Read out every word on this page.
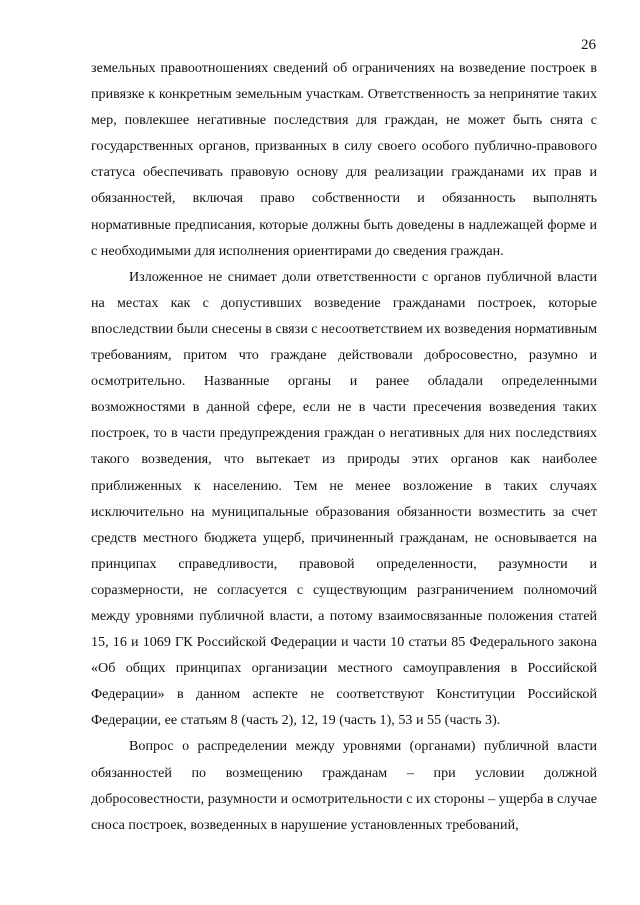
26

земельных правоотношениях сведений об ограничениях на возведение построек в привязке к конкретным земельным участкам. Ответственность за непринятие таких мер, повлекшее негативные последствия для граждан, не может быть снята с государственных органов, призванных в силу своего особого публично-правового статуса обеспечивать правовую основу для реализации гражданами их прав и обязанностей, включая право собственности и обязанность выполнять нормативные предписания, которые должны быть доведены в надлежащей форме и с необходимыми для исполнения ориентирами до сведения граждан.

Изложенное не снимает доли ответственности с органов публичной власти на местах как с допустивших возведение гражданами построек, которые впоследствии были снесены в связи с несоответствием их возведения нормативным требованиям, притом что граждане действовали добросовестно, разумно и осмотрительно. Названные органы и ранее обладали определенными возможностями в данной сфере, если не в части пресечения возведения таких построек, то в части предупреждения граждан о негативных для них последствиях такого возведения, что вытекает из природы этих органов как наиболее приближенных к населению. Тем не менее возложение в таких случаях исключительно на муниципальные образования обязанности возместить за счет средств местного бюджета ущерб, причиненный гражданам, не основывается на принципах справедливости, правовой определенности, разумности и соразмерности, не согласуется с существующим разграничением полномочий между уровнями публичной власти, а потому взаимосвязанные положения статей 15, 16 и 1069 ГК Российской Федерации и части 10 статьи 85 Федерального закона «Об общих принципах организации местного самоуправления в Российской Федерации» в данном аспекте не соответствуют Конституции Российской Федерации, ее статьям 8 (часть 2), 12, 19 (часть 1), 53 и 55 (часть 3).

Вопрос о распределении между уровнями (органами) публичной власти обязанностей по возмещению гражданам – при условии должной добросовестности, разумности и осмотрительности с их стороны – ущерба в случае сноса построек, возведенных в нарушение установленных требований,
